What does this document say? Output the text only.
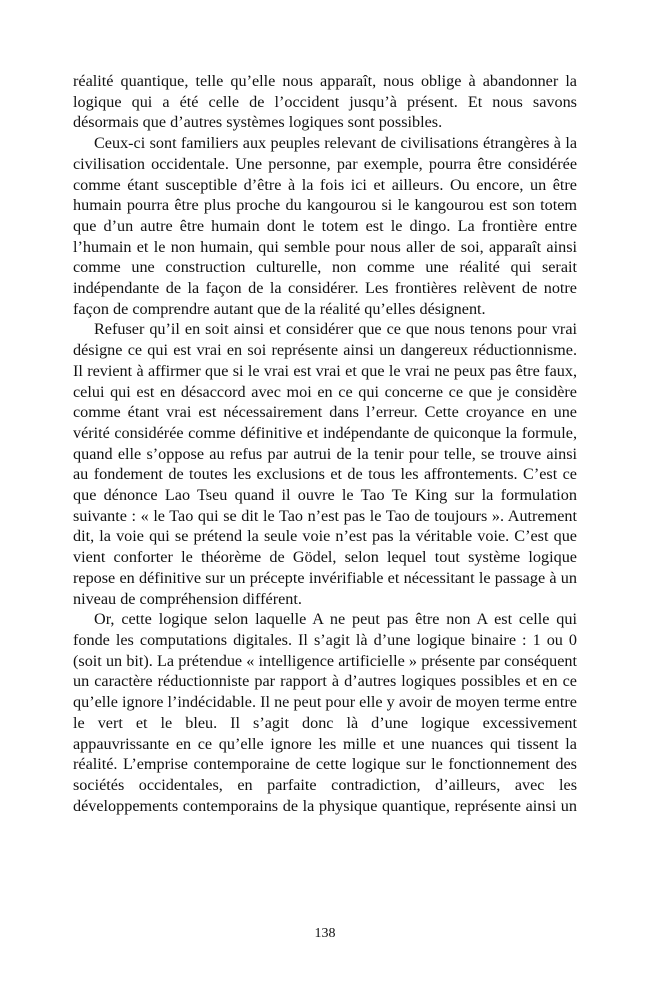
réalité quantique, telle qu’elle nous apparaît, nous oblige à abandonner la logique qui a été celle de l’occident jusqu’à présent. Et nous savons désormais que d’autres systèmes logiques sont possibles.

Ceux-ci sont familiers aux peuples relevant de civilisations étrangères à la civilisation occidentale. Une personne, par exemple, pourra être considérée comme étant susceptible d’être à la fois ici et ailleurs. Ou encore, un être humain pourra être plus proche du kangourou si le kangourou est son totem que d’un autre être humain dont le totem est le dingo. La frontière entre l’humain et le non humain, qui semble pour nous aller de soi, apparaît ainsi comme une construction culturelle, non comme une réalité qui serait indépendante de la façon de la considérer. Les frontières relèvent de notre façon de comprendre autant que de la réalité qu’elles désignent.

Refuser qu’il en soit ainsi et considérer que ce que nous tenons pour vrai désigne ce qui est vrai en soi représente ainsi un dangereux réductionnisme. Il revient à affirmer que si le vrai est vrai et que le vrai ne peux pas être faux, celui qui est en désaccord avec moi en ce qui concerne ce que je considère comme étant vrai est nécessairement dans l’erreur. Cette croyance en une vérité considérée comme définitive et indépendante de quiconque la formule, quand elle s’oppose au refus par autrui de la tenir pour telle, se trouve ainsi au fondement de toutes les exclusions et de tous les affrontements. C’est ce que dénonce Lao Tseu quand il ouvre le Tao Te King sur la formulation suivante : « le Tao qui se dit le Tao n’est pas le Tao de toujours ». Autrement dit, la voie qui se prétend la seule voie n’est pas la véritable voie. C’est que vient conforter le théorème de Gödel, selon lequel tout système logique repose en définitive sur un précepte invérifiable et nécessitant le passage à un niveau de compréhension différent.

Or, cette logique selon laquelle A ne peut pas être non A est celle qui fonde les computations digitales. Il s’agit là d’une logique binaire : 1 ou 0 (soit un bit). La prétendue « intelligence artificielle » présente par conséquent un caractère réductionniste par rapport à d’autres logiques possibles et en ce qu’elle ignore l’indécidable. Il ne peut pour elle y avoir de moyen terme entre le vert et le bleu. Il s’agit donc là d’une logique excessivement appauvrissante en ce qu’elle ignore les mille et une nuances qui tissent la réalité. L’emprise contemporaine de cette logique sur le fonctionnement des sociétés occidentales, en parfaite contradiction, d’ailleurs, avec les développements contemporains de la physique quantique, représente ainsi un

138
